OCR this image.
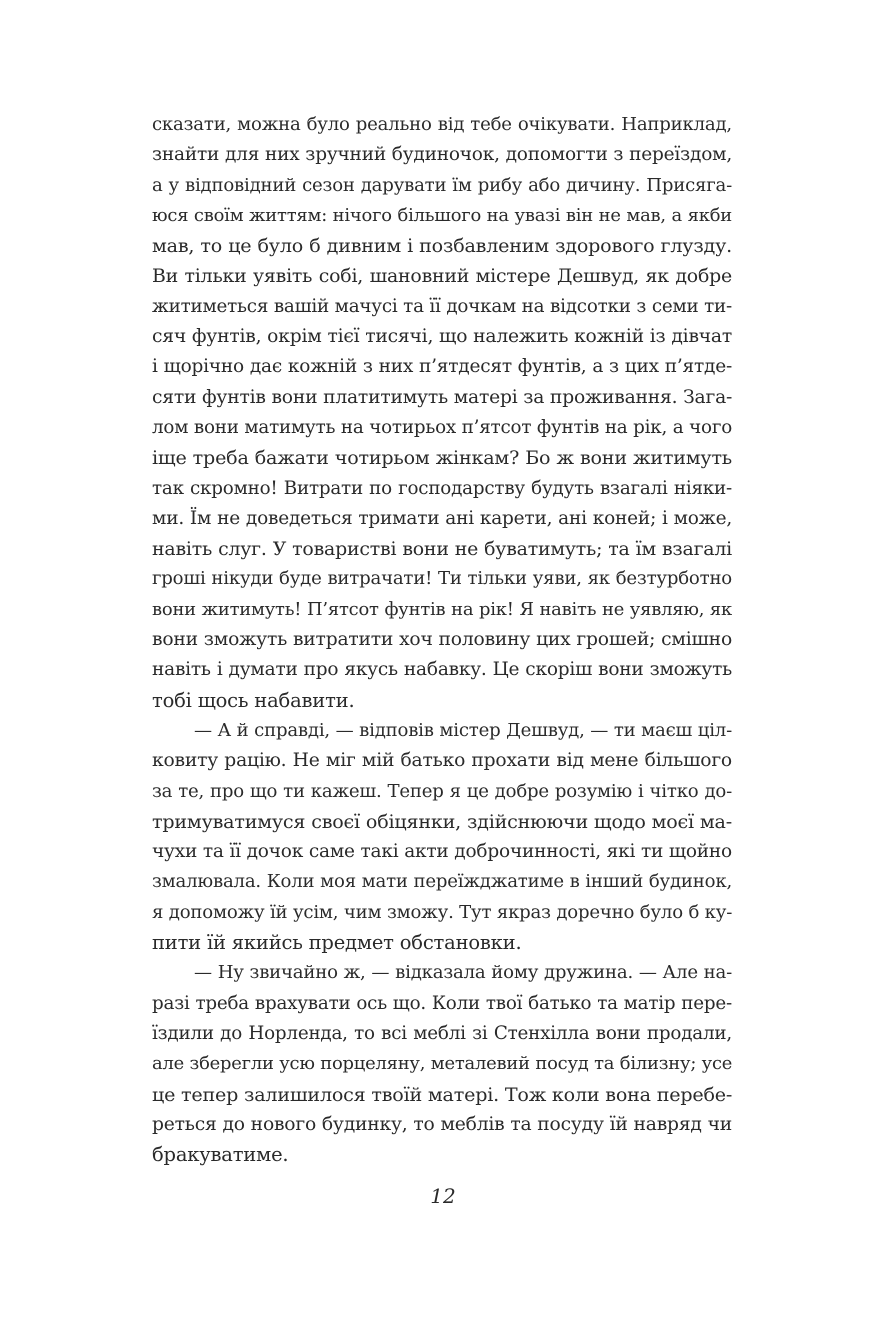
сказати, можна було реально від тебе очікувати. Наприклад,
знайти для них зручний будиночок, допомогти з переїздом,
а у відповідний сезон дарувати їм рибу або дичину. Присяга-
юся своїм життям: нічого більшого на увазі він не мав, а якби
мав, то це було б дивним і позбавленим здорового глузду.
Ви тільки уявіть собі, шановний містере Дешвуд, як добре
житиметься вашій мачусі та її дочкам на відсотки з семи ти-
сяч фунтів, окрім тієї тисячі, що належить кожній із дівчат
і щорічно дає кожній з них п’ятдесят фунтів, а з цих п’ятде-
сяти фунтів вони платитимуть матері за проживання. Зага-
лом вони матимуть на чотирьох п’ятсот фунтів на рік, а чого
іще треба бажати чотирьом жінкам? Бо ж вони житимуть
так скромно! Витрати по господарству будуть взагалі ніяки-
ми. Їм не доведеться тримати ані карети, ані коней; і може,
навіть слуг. У товаристві вони не буватимуть; та їм взагалі
гроші нікуди буде витрачати! Ти тільки уяви, як безтурботно
вони житимуть! П’ятсот фунтів на рік! Я навіть не уявляю, як
вони зможуть витратити хоч половину цих грошей; смішно
навіть і думати про якусь набавку. Це скоріш вони зможуть
тобі щось набавити.
— А й справді, — відповів містер Дешвуд, — ти маєш ціл-
ковиту рацію. Не міг мій батько прохати від мене більшого
за те, про що ти кажеш. Тепер я це добре розумію і чітко до-
тримуватимуся своєї обіцянки, здійснюючи щодо моєї ма-
чухи та її дочок саме такі акти доброчинності, які ти щойно
змалювала. Коли моя мати переїжджатиме в інший будинок,
я допоможу їй усім, чим зможу. Тут якраз доречно було б ку-
пити їй якийсь предмет обстановки.
— Ну звичайно ж, — відказала йому дружина. — Але на-
разі треба врахувати ось що. Коли твої батько та матір пере-
їздили до Норленда, то всі меблі зі Стенхілла вони продали,
але зберегли усю порцеляну, металевий посуд та білизну; усе
це тепер залишилося твоїй матері. Тож коли вона перебе-
реться до нового будинку, то меблів та посуду їй навряд чи
бракуватиме.
12
